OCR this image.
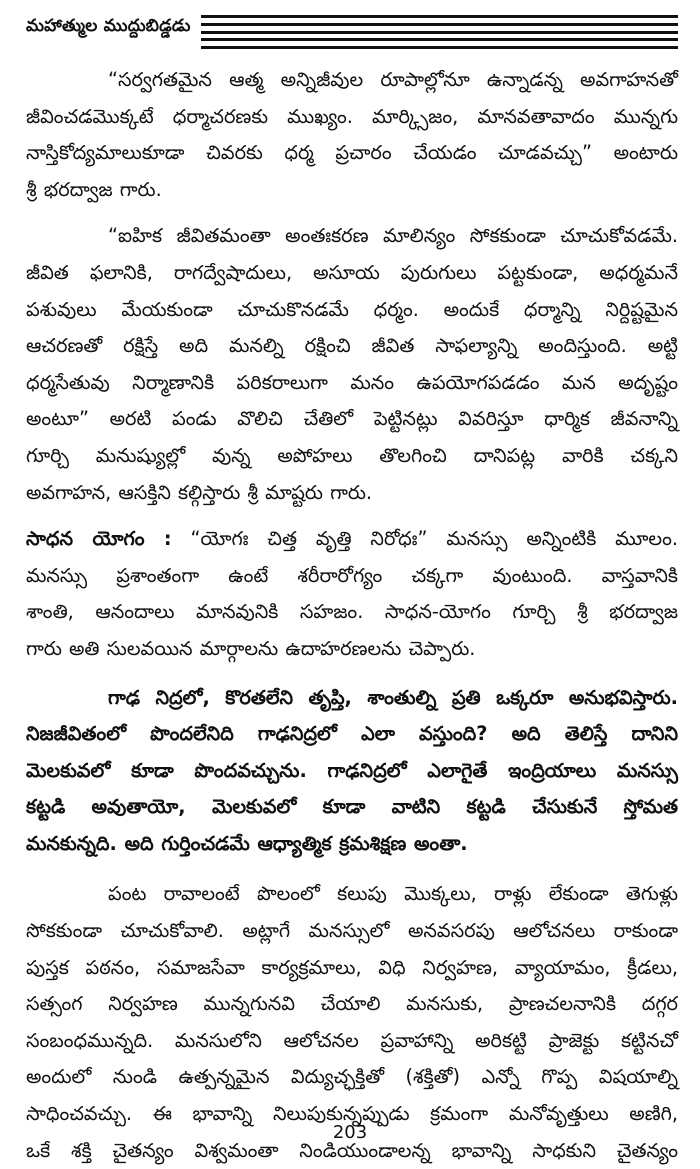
మహాత్ముల ముద్దుబిడ్డడు
“సర్వగతమైన ఆత్మ అన్నిజీవుల రూపాల్లోనూ ఉన్నాడన్న అవగాహనతో
జీవించడమొక్కటే ధర్మాచరణకు ముఖ్యం. మార్క్సిజం, మానవతావాదం మున్నగు
నాస్తికోద్యమాలుకూడా చివరకు ధర్మ ప్రచారం చేయడం చూడవచ్చు” అంటారు
శ్రీ భరద్వాజ గారు.
“ఐహిక జీవితమంతా అంతఃకరణ మాలిన్యం సోకకుండా చూచుకోవడమే.
జీవిత ఫలానికి, రాగద్వేషాదులు, అసూయ పురుగులు పట్టకుండా, అధర్మమనే
పశువులు మేయకుండా చూచుకొనడమే ధర్మం. అందుకే ధర్మాన్ని నిర్దిష్టమైన
ఆచరణతో రక్షిస్తే అది మనల్ని రక్షించి జీవిత సాఫల్యాన్ని అందిస్తుంది. అట్టి
ధర్మసేతువు నిర్మాణానికి పరికరాలుగా మనం ఉపయోగపడడం మన అదృష్టం
అంటూ” అరటి పండు వొలిచి చేతిలో పెట్టినట్లు వివరిస్తూ ధార్మిక జీవనాన్ని
గూర్చి మనుష్యుల్లో వున్న అపోహలు తొలగించి దానిపట్ల వారికి చక్కని
అవగాహన, ఆసక్తిని కల్గిస్తారు శ్రీ మాష్టరు గారు.
సాధన యోగం : “యోగః చిత్త వృత్తి నిరోధః” మనస్సు అన్నింటికి మూలం.
మనస్సు ప్రశాంతంగా ఉంటే శరీరారోగ్యం చక్కగా వుంటుంది. వాస్తవానికి
శాంతి, ఆనందాలు మానవునికి సహజం. సాధన-యోగం గూర్చి శ్రీ భరద్వాజ
గారు అతి సులవయిన మార్గాలను ఉదాహరణలను చెప్పారు.
గాఢ నిద్రలో, కొరతలేని తృప్తి, శాంతుల్ని ప్రతి ఒక్కరూ అనుభవిస్తారు.
నిజజీవితంలో పొందలేనిది గాఢనిద్రలో ఎలా వస్తుంది? అది తెలిస్తే దానిని
మెలకువలో కూడా పొందవచ్చును. గాఢనిద్రలో ఎలాగైతే ఇంద్రియాలు మనస్సు
కట్టడి అవుతాయో, మెలకువలో కూడా వాటిని కట్టడి చేసుకునే స్తోమత
మనకున్నది. అది గుర్తించడమే ఆధ్యాత్మిక క్రమశిక్షణ అంతా.
పంట రావాలంటే పొలంలో కలుపు మొక్కలు, రాళ్లు లేకుండా తెగుళ్లు
సోకకుండా చూచుకోవాలి. అట్లాగే మనస్సులో అనవసరపు ఆలోచనలు రాకుండా
పుస్తక పఠనం, సమాజసేవా కార్యక్రమాలు, విధి నిర్వహణ, వ్యాయామం, క్రీడలు,
సత్సంగ నిర్వహణ మున్నగునవి చేయాలి మనసుకు, ప్రాణచలనానికి దగ్గర
సంబంధమున్నది. మనసులోని ఆలోచనల ప్రవాహాన్ని అరికట్టి ప్రాజెక్టు కట్టినచో
అందులో నుండి ఉత్పన్నమైన విద్యుచ్ఛక్తితో (శక్తితో) ఎన్నో గొప్ప విషయాల్ని
సాధించవచ్చు. ఈ భావాన్ని నిలుపుకున్నప్పుడు క్రమంగా మనోవృత్తులు అణిగి,
ఒకే శక్తి చైతన్యం విశ్వమంతా నిండియుండాలన్న భావాన్ని సాధకుని చైతన్యం
203
